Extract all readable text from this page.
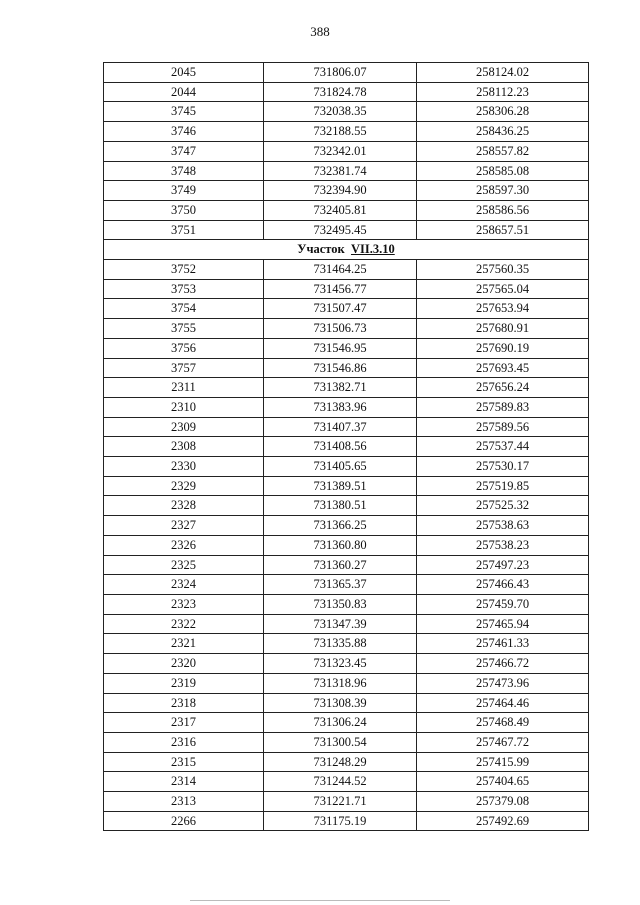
388
2045	731806.07	258124.02
2044	731824.78	258112.23
3745	732038.35	258306.28
3746	732188.55	258436.25
3747	732342.01	258557.82
3748	732381.74	258585.08
3749	732394.90	258597.30
3750	732405.81	258586.56
3751	732495.45	258657.51
Участок VII.3.10		
3752	731464.25	257560.35
3753	731456.77	257565.04
3754	731507.47	257653.94
3755	731506.73	257680.91
3756	731546.95	257690.19
3757	731546.86	257693.45
2311	731382.71	257656.24
2310	731383.96	257589.83
2309	731407.37	257589.56
2308	731408.56	257537.44
2330	731405.65	257530.17
2329	731389.51	257519.85
2328	731380.51	257525.32
2327	731366.25	257538.63
2326	731360.80	257538.23
2325	731360.27	257497.23
2324	731365.37	257466.43
2323	731350.83	257459.70
2322	731347.39	257465.94
2321	731335.88	257461.33
2320	731323.45	257466.72
2319	731318.96	257473.96
2318	731308.39	257464.46
2317	731306.24	257468.49
2316	731300.54	257467.72
2315	731248.29	257415.99
2314	731244.52	257404.65
2313	731221.71	257379.08
2266	731175.19	257492.69
